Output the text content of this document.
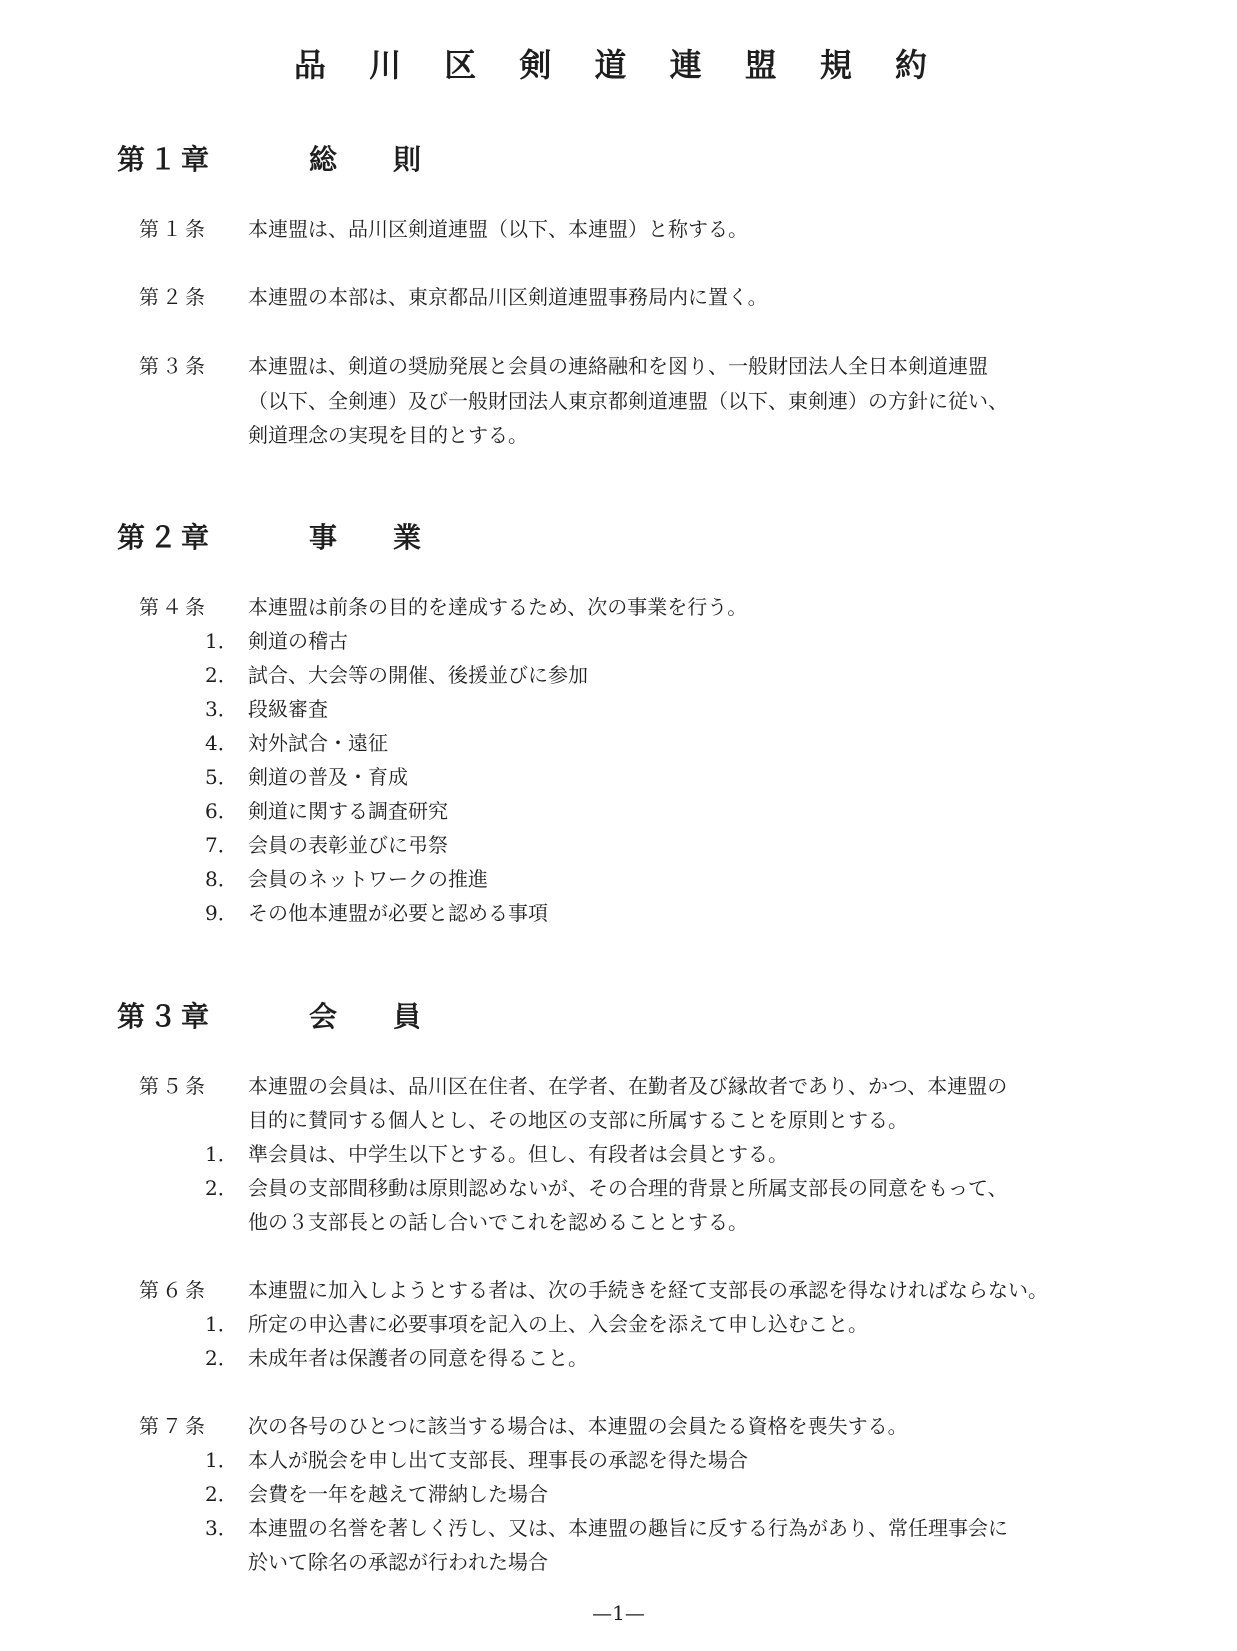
品 川 区 剣 道 連 盟 規 約
第１章	総則
第１条 本連盟は、品川区剣道連盟（以下、本連盟）と称する。
第２条 本連盟の本部は、東京都品川区剣道連盟事務局内に置く。
第３条 本連盟は、剣道の奨励発展と会員の連絡融和を図り、一般財団法人全日本剣道連盟
（以下、全剣連）及び一般財団法人東京都剣道連盟（以下、東剣連）の方針に従い、
剣道理念の実現を目的とする。
第２章	事業
第４条 本連盟は前条の目的を達成するため、次の事業を行う。
1． 剣道の稽古
2． 試合、大会等の開催、後援並びに参加
3． 段級審査
4． 対外試合・遠征
5． 剣道の普及・育成
6． 剣道に関する調査研究
7． 会員の表彰並びに弔祭
8． 会員のネットワークの推進
9． その他本連盟が必要と認める事項
第３章	会員
第５条 本連盟の会員は、品川区在住者、在学者、在勤者及び縁故者であり、かつ、本連盟の
目的に賛同する個人とし、その地区の支部に所属することを原則とする。
1． 準会員は、中学生以下とする。但し、有段者は会員とする。
2． 会員の支部間移動は原則認めないが、その合理的背景と所属支部長の同意をもって、
他の３支部長との話し合いでこれを認めることとする。
第６条 本連盟に加入しようとする者は、次の手続きを経て支部長の承認を得なければならない。
1． 所定の申込書に必要事項を記入の上、入会金を添えて申し込むこと。
2． 未成年者は保護者の同意を得ること。
第７条 次の各号のひとつに該当する場合は、本連盟の会員たる資格を喪失する。
1． 本人が脱会を申し出て支部長、理事長の承認を得た場合
2． 会費を一年を越えて滞納した場合
3． 本連盟の名誉を著しく汚し、又は、本連盟の趣旨に反する行為があり、常任理事会に
於いて除名の承認が行われた場合
—1—
